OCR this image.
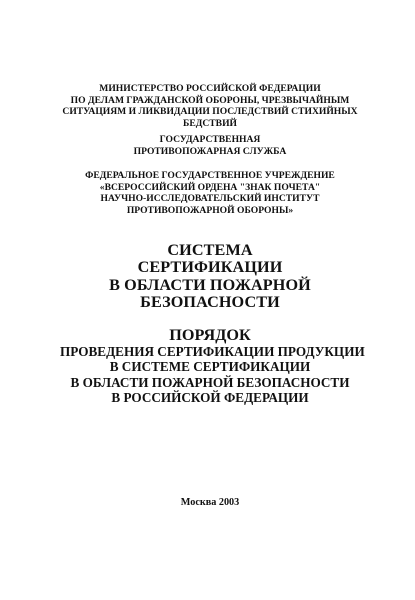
МИНИСТЕРСТВО РОССИЙСКОЙ ФЕДЕРАЦИИ
ПО ДЕЛАМ ГРАЖДАНСКОЙ ОБОРОНЫ, ЧРЕЗВЫЧАЙНЫМ
СИТУАЦИЯМ И ЛИКВИДАЦИИ ПОСЛЕДСТВИЙ СТИХИЙНЫХ
БЕДСТВИЙ
ГОСУДАРСТВЕННАЯ
ПРОТИВОПОЖАРНАЯ СЛУЖБА
ФЕДЕРАЛЬНОЕ ГОСУДАРСТВЕННОЕ УЧРЕЖДЕНИЕ
«ВСЕРОССИЙСКИЙ ОРДЕНА "ЗНАК ПОЧЕТА"
НАУЧНО-ИССЛЕДОВАТЕЛЬСКИЙ ИНСТИТУТ
ПРОТИВОПОЖАРНОЙ ОБОРОНЫ»
СИСТЕМА
СЕРТИФИКАЦИИ
В ОБЛАСТИ ПОЖАРНОЙ
БЕЗОПАСНОСТИ
ПОРЯДОК
ПРОВЕДЕНИЯ СЕРТИФИКАЦИИ ПРОДУКЦИИ
В СИСТЕМЕ СЕРТИФИКАЦИИ
В ОБЛАСТИ ПОЖАРНОЙ БЕЗОПАСНОСТИ
В РОССИЙСКОЙ ФЕДЕРАЦИИ
Москва 2003
